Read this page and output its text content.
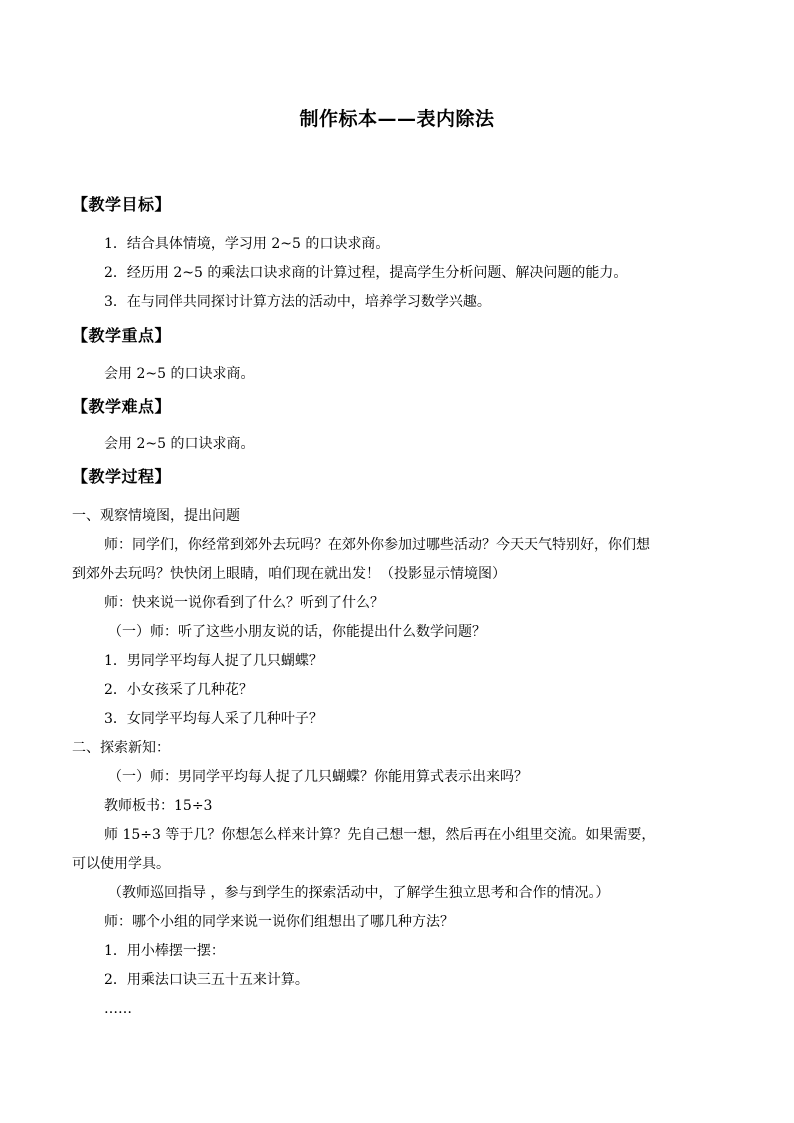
制作标本——表内除法
【教学目标】
1．结合具体情境，学习用 2~5 的口诀求商。
2．经历用 2~5 的乘法口诀求商的计算过程，提高学生分析问题、解决问题的能力。
3．在与同伴共同探讨计算方法的活动中，培养学习数学兴趣。
【教学重点】
会用 2~5 的口诀求商。
【教学难点】
会用 2~5 的口诀求商。
【教学过程】
一、观察情境图，提出问题
师：同学们，你经常到郊外去玩吗？在郊外你参加过哪些活动？今天天气特别好，你们想
到郊外去玩吗？快快闭上眼睛，咱们现在就出发！（投影显示情境图）
师：快来说一说你看到了什么？听到了什么？
（一）师：听了这些小朋友说的话，你能提出什么数学问题？
1．男同学平均每人捉了几只蝴蝶？
2．小女孩采了几种花？
3．女同学平均每人采了几种叶子？
二、探索新知：
（一）师：男同学平均每人捉了几只蝴蝶？你能用算式表示出来吗？
教师板书：15÷3
师 15÷3 等于几？你想怎么样来计算？先自己想一想，然后再在小组里交流。如果需要，
可以使用学具。
（教师巡回指导 ，参与到学生的探索活动中，了解学生独立思考和合作的情况。）
师：哪个小组的同学来说一说你们组想出了哪几种方法？
1．用小棒摆一摆：
2．用乘法口诀三五十五来计算。
……
